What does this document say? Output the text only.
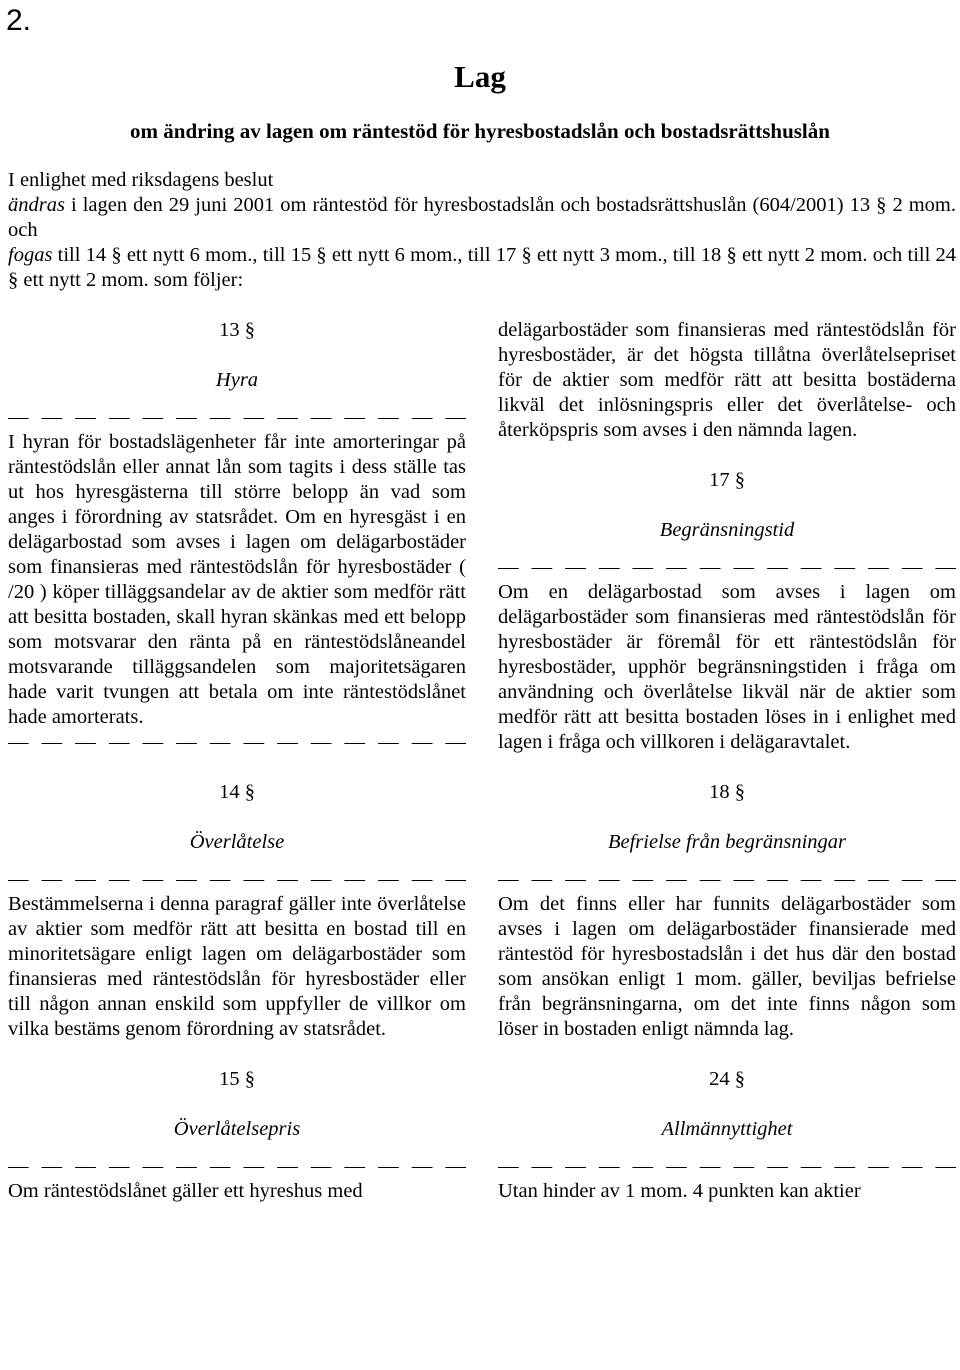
2.
Lag
om ändring av lagen om räntestöd för hyresbostadslån och bostadsrättshuslån

I enlighet med riksdagens beslut

ändras i lagen den 29 juni 2001 om räntestöd för hyresbostadslån och bostadsrättshuslån (604/2001) 13 § 2 mom. och

fogas till 14 § ett nytt 6 mom., till 15 § ett nytt 6 mom., till 17 § ett nytt 3 mom., till 18 § ett nytt 2 mom. och till 24 § ett nytt 2 mom. som följer:

13 §
Hyra
— — — — — — — — — — — — — —

I hyran för bostadslägenheter får inte amorteringar på räntestödslån eller annat lån som tagits i dess ställe tas ut hos hyresgästerna till större belopp än vad som anges i förordning av statsrådet. Om en hyresgäst i en delägarbostad som avses i lagen om delägarbostäder som finansieras med räntestödslån för hyresbostäder ( /20 ) köper tilläggsandelar av de aktier som medför rätt att besitta bostaden, skall hyran skänkas med ett belopp som motsvarar den ränta på en räntestödslåneandel motsvarande tilläggsandelen som majoritetsägaren hade varit tvungen att betala om inte räntestödslånet hade amorterats.

— — — — — — — — — — — — — —
14 §
Överlåtelse
— — — — — — — — — — — — — —

Bestämmelserna i denna paragraf gäller inte överlåtelse av aktier som medför rätt att besitta en bostad till en minoritetsägare enligt lagen om delägarbostäder som finansieras med räntestödslån för hyresbostäder eller till någon annan enskild som uppfyller de villkor om vilka bestäms genom förordning av statsrådet.

15 §
Överlåtelsepris
— — — — — — — — — — — — — —

Om räntestödslånet gäller ett hyreshus med

delägarbostäder som finansieras med räntestödslån för hyresbostäder, är det högsta tillåtna överlåtelsepriset för de aktier som medför rätt att besitta bostäderna likväl det inlösningspris eller det överlåtelse- och återköpspris som avses i den nämnda lagen.

17 §
Begränsningstid
— — — — — — — — — — — — — —

Om en delägarbostad som avses i lagen om delägarbostäder som finansieras med räntestödslån för hyresbostäder är föremål för ett räntestödslån för hyresbostäder, upphör begränsningstiden i fråga om användning och överlåtelse likväl när de aktier som medför rätt att besitta bostaden löses in i enlighet med lagen i fråga och villkoren i delägaravtalet.

18 §
Befrielse från begränsningar
— — — — — — — — — — — — — —

Om det finns eller har funnits delägarbostäder som avses i lagen om delägarbostäder finansierade med räntestöd för hyresbostadslån i det hus där den bostad som ansökan enligt 1 mom. gäller, beviljas befrielse från begränsningarna, om det inte finns någon som löser in bostaden enligt nämnda lag.

24 §
Allmännyttighet
— — — — — — — — — — — — — —

Utan hinder av 1 mom. 4 punkten kan aktier
